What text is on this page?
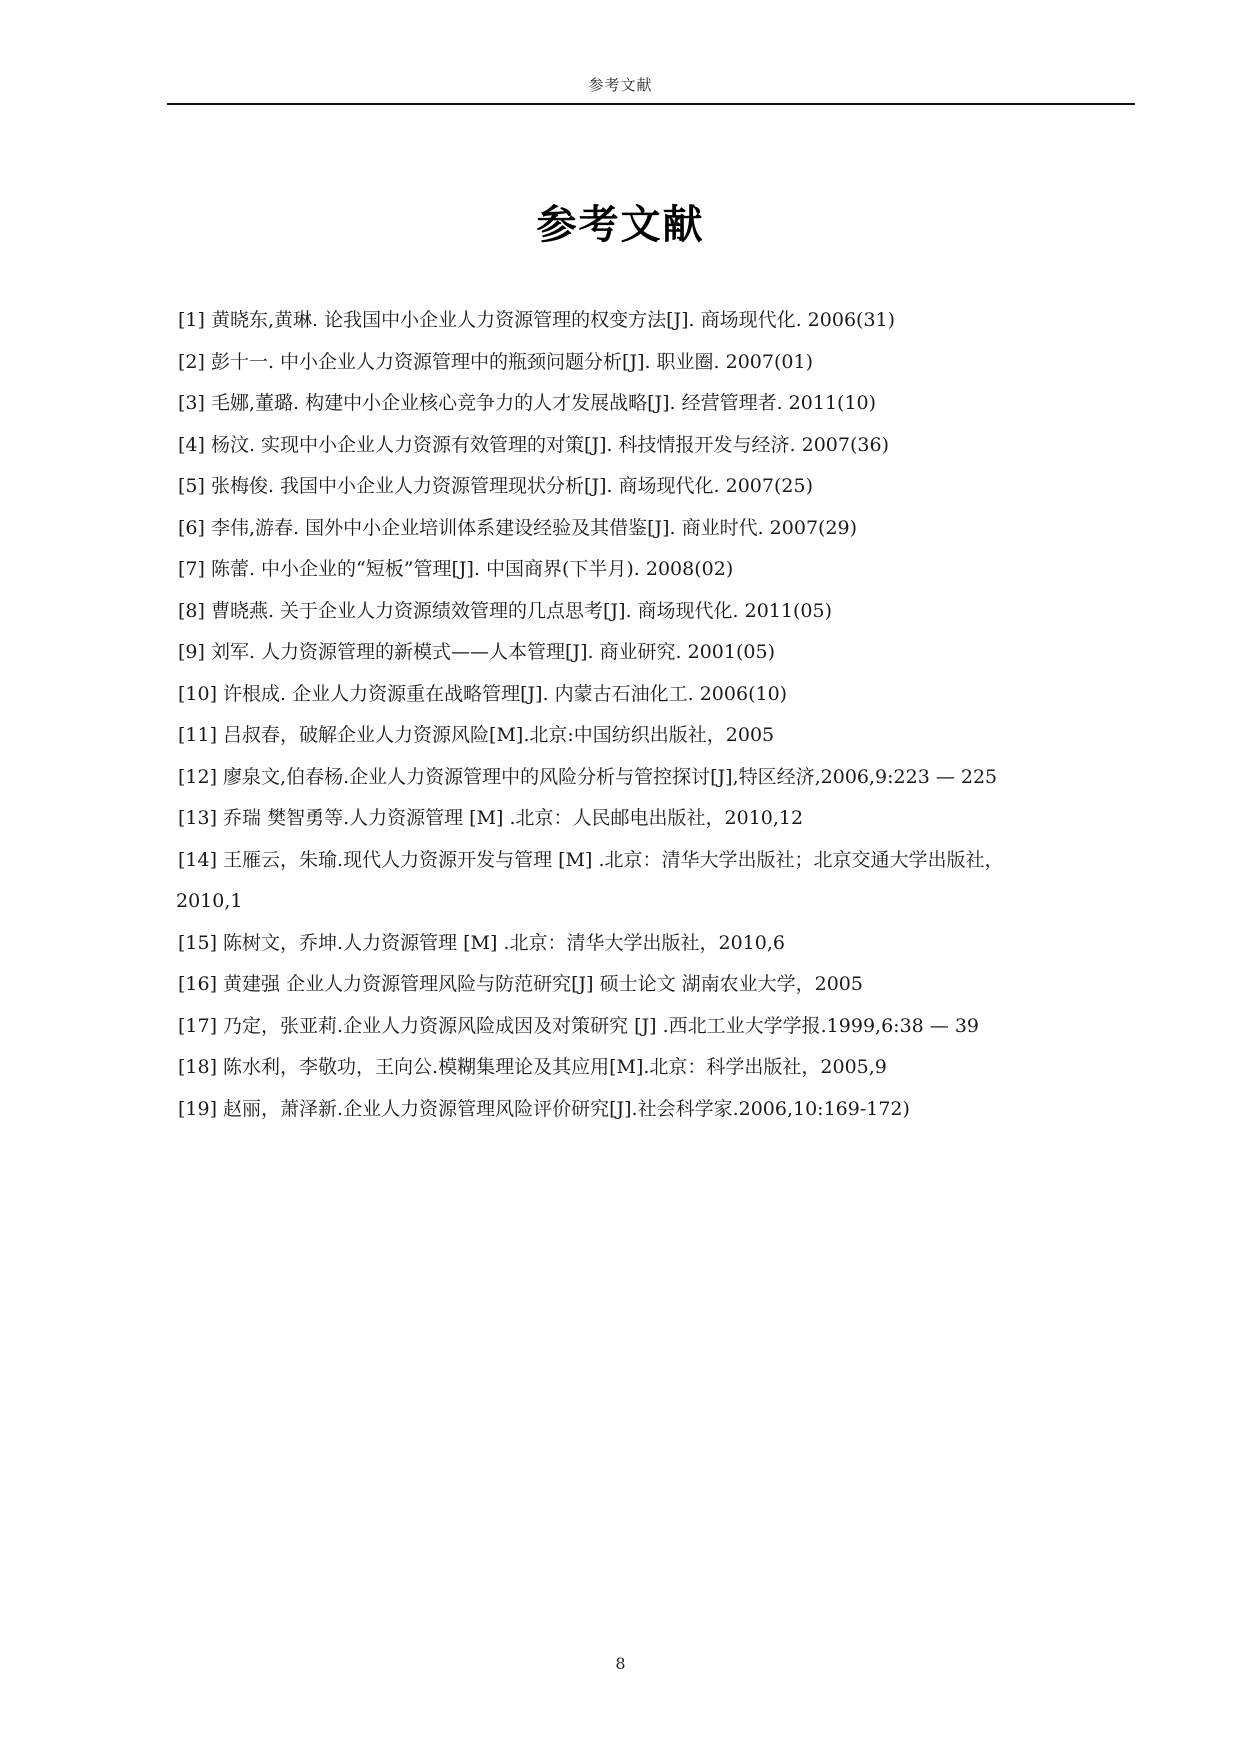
参考文献
参考文献
[1] 黄晓东,黄琳. 论我国中小企业人力资源管理的权变方法[J]. 商场现代化. 2006(31)
[2] 彭十一. 中小企业人力资源管理中的瓶颈问题分析[J]. 职业圈. 2007(01)
[3] 毛娜,董璐. 构建中小企业核心竞争力的人才发展战略[J]. 经营管理者. 2011(10)
[4] 杨汶. 实现中小企业人力资源有效管理的对策[J]. 科技情报开发与经济. 2007(36)
[5] 张梅俊. 我国中小企业人力资源管理现状分析[J]. 商场现代化. 2007(25)
[6] 李伟,游春. 国外中小企业培训体系建设经验及其借鉴[J]. 商业时代. 2007(29)
[7] 陈蕾. 中小企业的“短板”管理[J]. 中国商界(下半月). 2008(02)
[8] 曹晓燕. 关于企业人力资源绩效管理的几点思考[J]. 商场现代化. 2011(05)
[9] 刘军. 人力资源管理的新模式——人本管理[J]. 商业研究. 2001(05)
[10] 许根成. 企业人力资源重在战略管理[J]. 内蒙古石油化工. 2006(10)
[11] 吕叔春，破解企业人力资源风险[M].北京:中国纺织出版社，2005
[12] 廖泉文,伯春杨.企业人力资源管理中的风险分析与管控探讨[J],特区经济,2006,9:223 — 225
[13] 乔瑞 樊智勇等.人力资源管理 [M] .北京：人民邮电出版社，2010,12
[14] 王雁云，朱瑜.现代人力资源开发与管理 [M] .北京：清华大学出版社；北京交通大学出版社，
2010,1
[15] 陈树文，乔坤.人力资源管理 [M] .北京：清华大学出版社，2010,6
[16] 黄建强 企业人力资源管理风险与防范研究[J] 硕士论文 湖南农业大学，2005
[17] 乃定，张亚莉.企业人力资源风险成因及对策研究 [J] .西北工业大学学报.1999,6:38 — 39
[18] 陈水利，李敬功，王向公.模糊集理论及其应用[M].北京：科学出版社，2005,9
[19] 赵丽，萧泽新.企业人力资源管理风险评价研究[J].社会科学家.2006,10:169-172)
8
